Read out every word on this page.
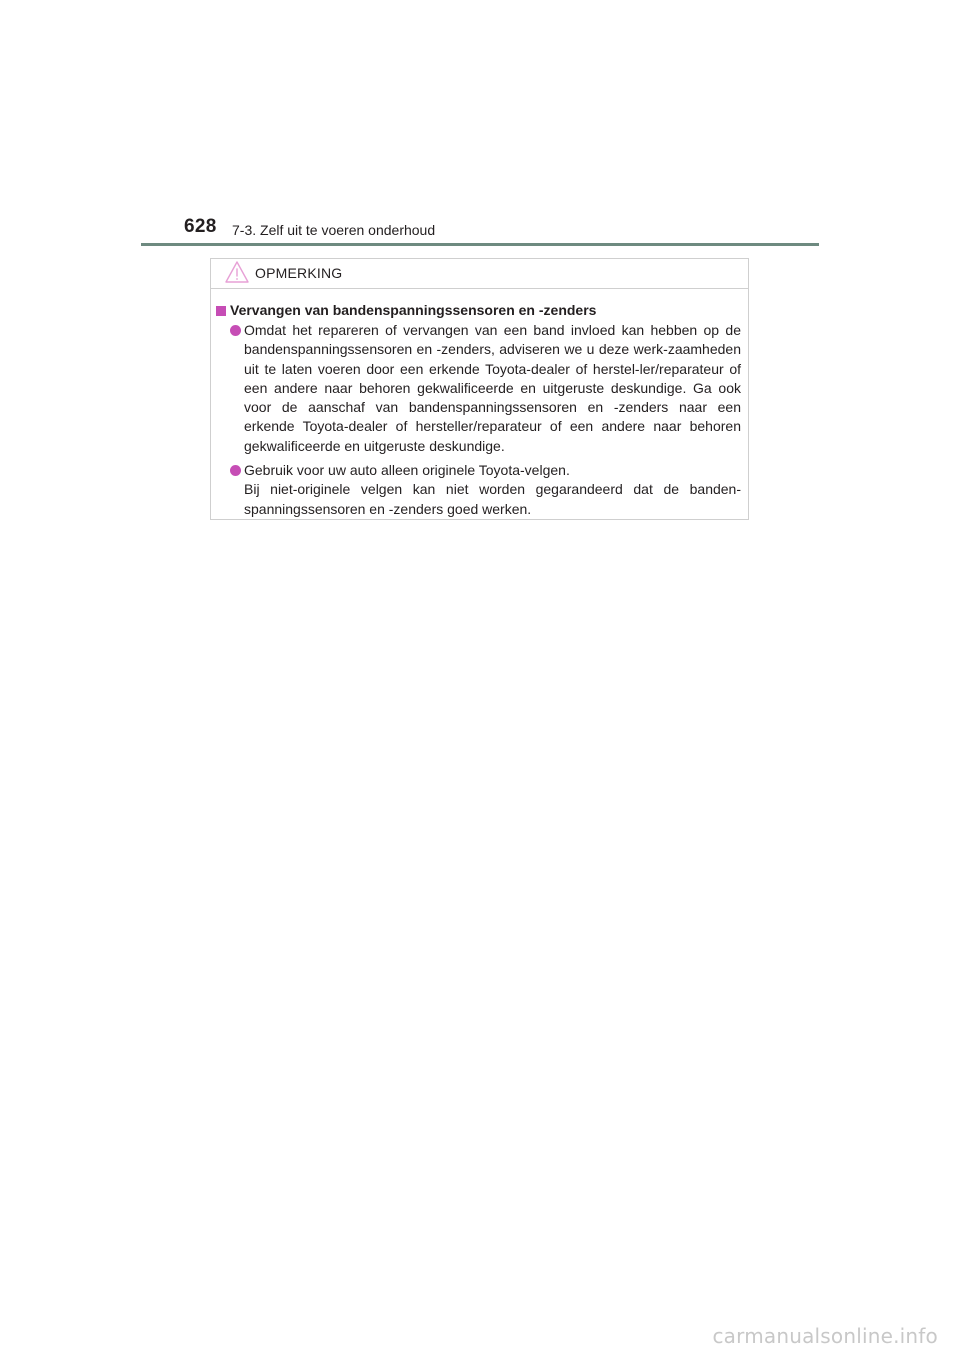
628 7-3. Zelf uit te voeren onderhoud
OPMERKING
Vervangen van bandenspanningssensoren en -zenders
Omdat het repareren of vervangen van een band invloed kan hebben op de bandenspanningssensoren en -zenders, adviseren we u deze werk-zaamheden uit te laten voeren door een erkende Toyota-dealer of herstel-ler/reparateur of een andere naar behoren gekwalificeerde en uitgeruste deskundige. Ga ook voor de aanschaf van bandenspanningssensoren en -zenders naar een erkende Toyota-dealer of hersteller/reparateur of een andere naar behoren gekwalificeerde en uitgeruste deskundige.
Gebruik voor uw auto alleen originele Toyota-velgen.
Bij niet-originele velgen kan niet worden gegarandeerd dat de banden-spanningssensoren en -zenders goed werken.
carmanualsonline.info
